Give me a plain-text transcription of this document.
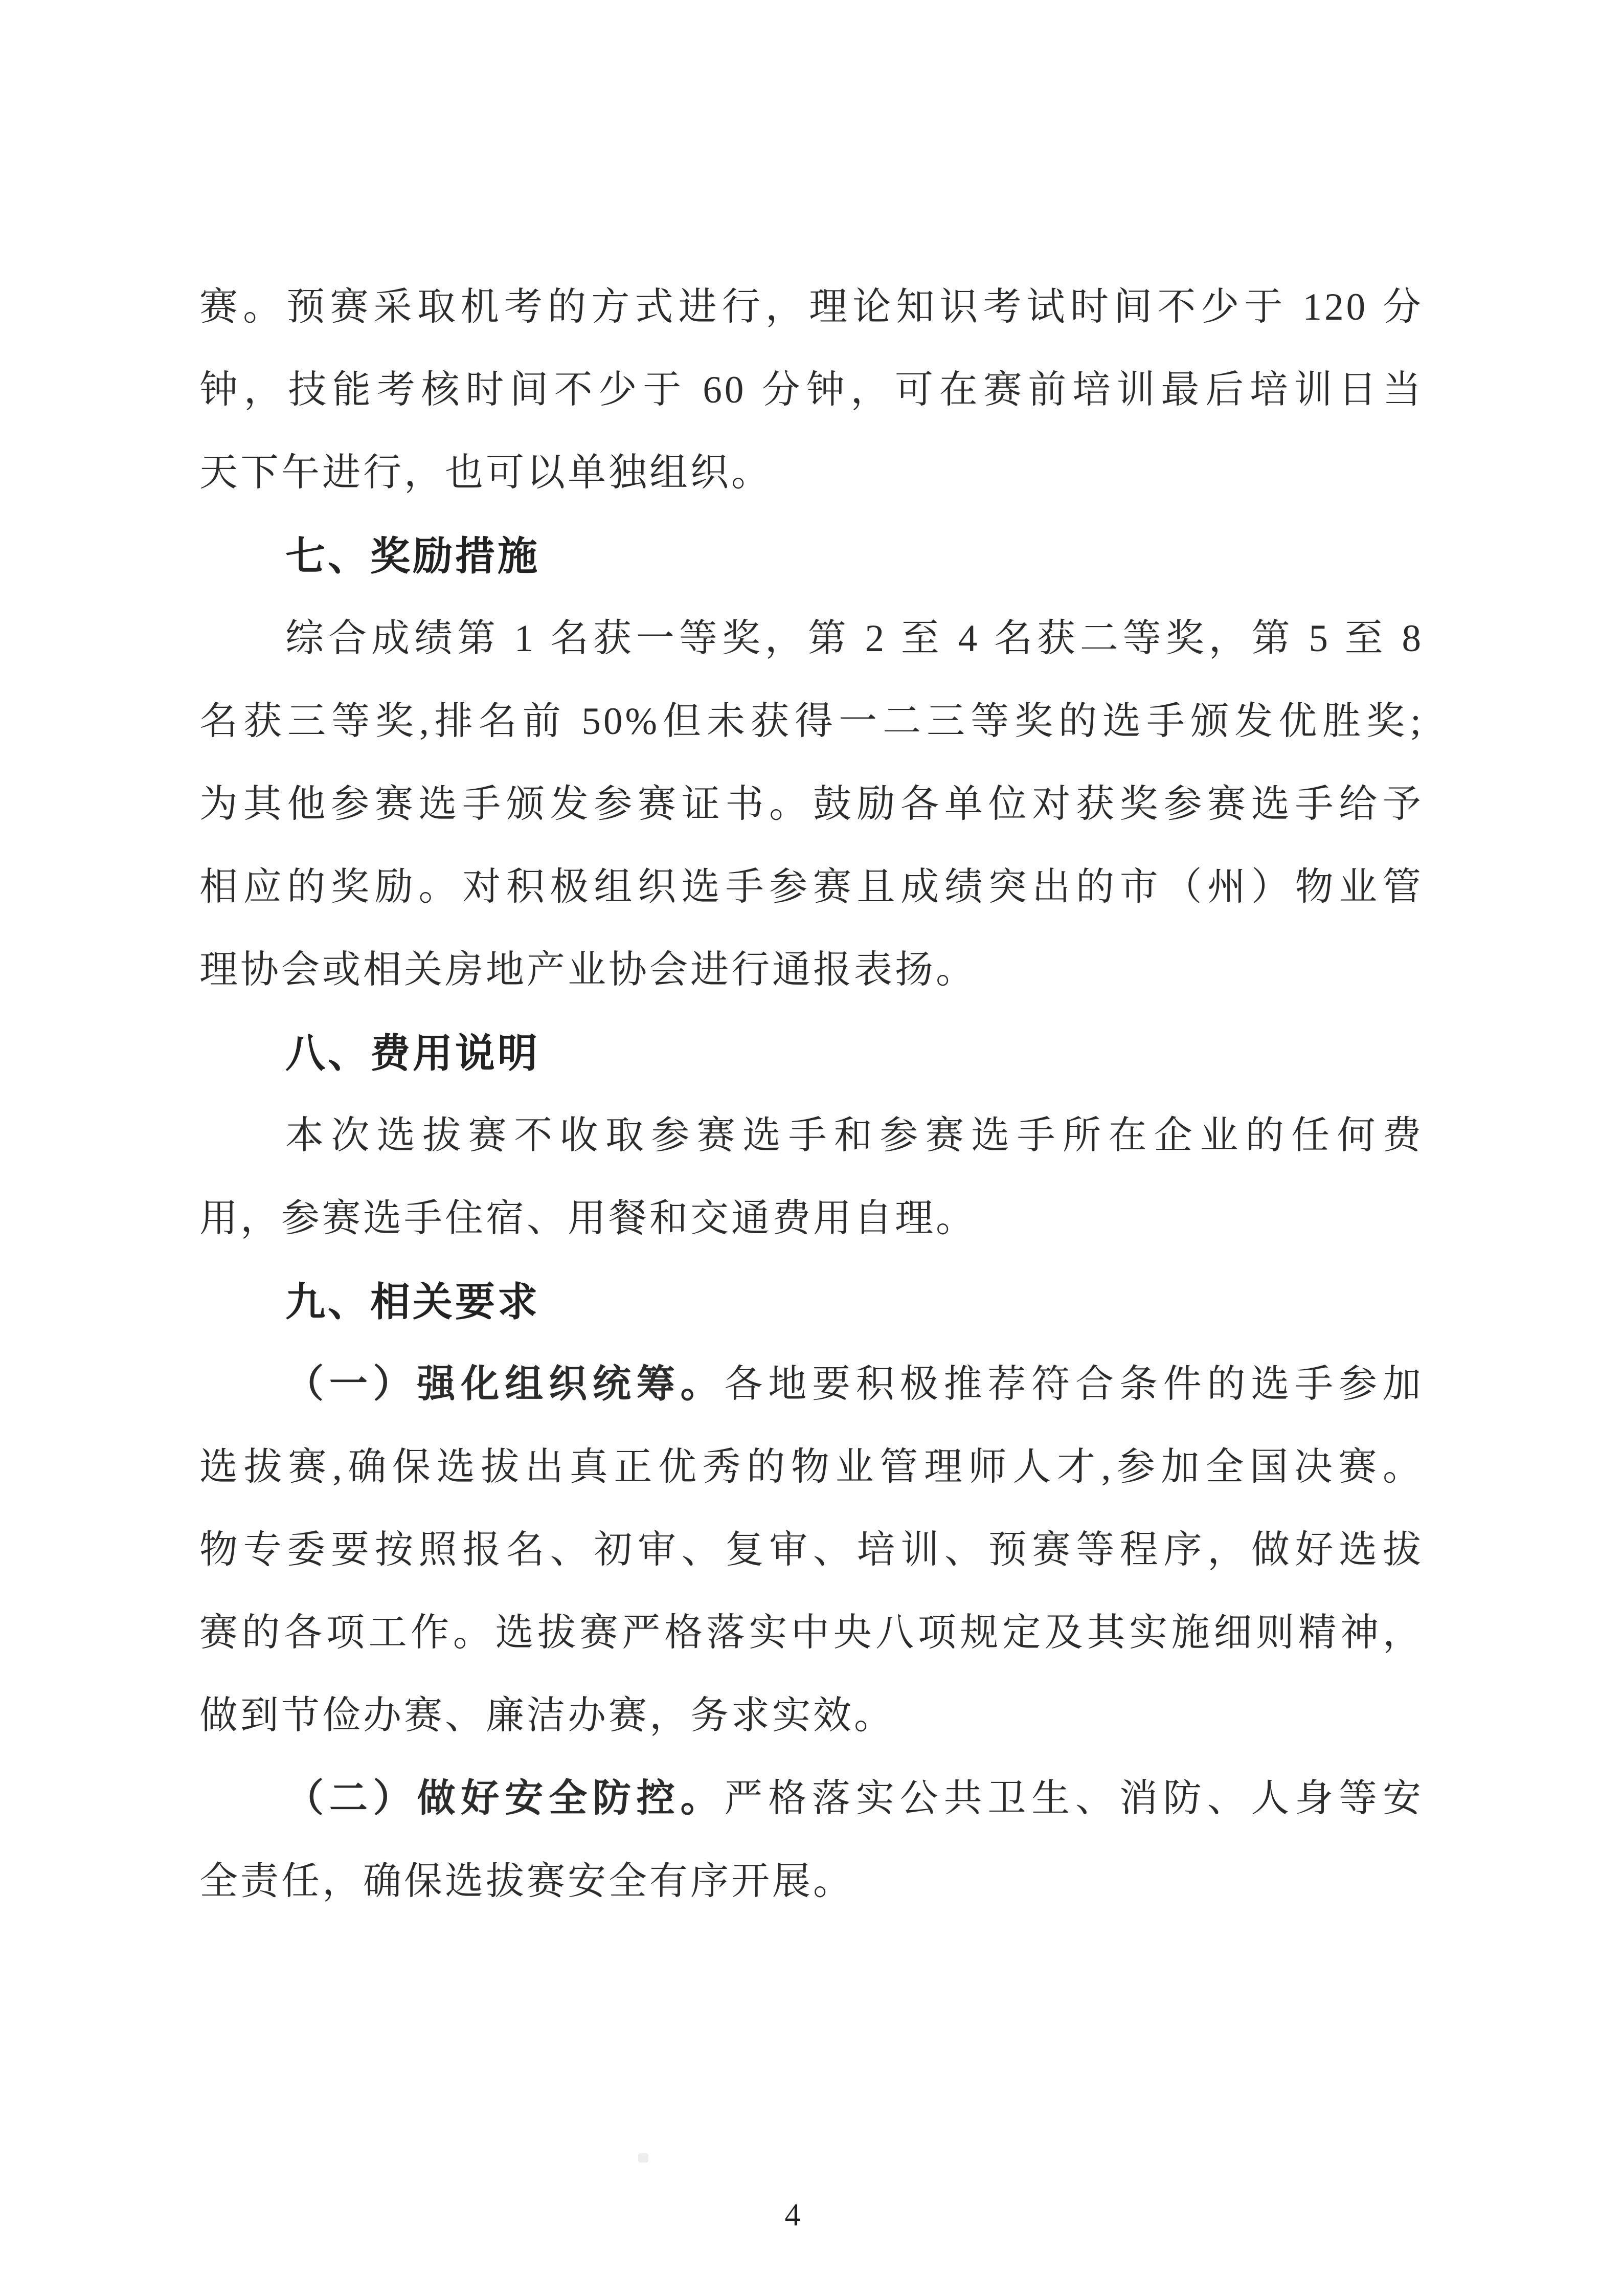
赛。预赛采取机考的方式进行，理论知识考试时间不少于 120 分
钟，技能考核时间不少于 60 分钟，可在赛前培训最后培训日当
天下午进行，也可以单独组织。
七、奖励措施
综合成绩第 1 名获一等奖，第 2 至 4 名获二等奖，第 5 至 8
名获三等奖,排名前 50%但未获得一二三等奖的选手颁发优胜奖;
为其他参赛选手颁发参赛证书。鼓励各单位对获奖参赛选手给予
相应的奖励。对积极组织选手参赛且成绩突出的市（州）物业管
理协会或相关房地产业协会进行通报表扬。
八、费用说明
本次选拔赛不收取参赛选手和参赛选手所在企业的任何费
用，参赛选手住宿、用餐和交通费用自理。
九、相关要求
（一）强化组织统筹。各地要积极推荐符合条件的选手参加
选拔赛,确保选拔出真正优秀的物业管理师人才,参加全国决赛。
物专委要按照报名、初审、复审、培训、预赛等程序，做好选拔
赛的各项工作。选拔赛严格落实中央八项规定及其实施细则精神，
做到节俭办赛、廉洁办赛，务求实效。
（二）做好安全防控。严格落实公共卫生、消防、人身等安
全责任，确保选拔赛安全有序开展。
4
